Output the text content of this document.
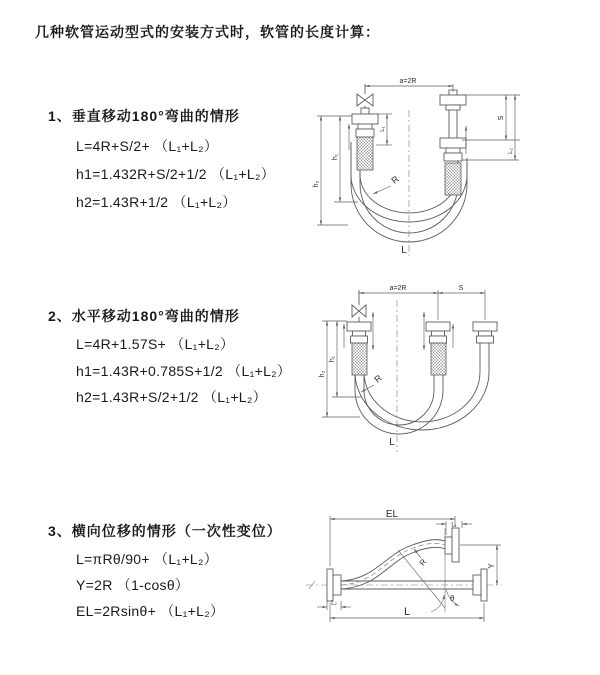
几种软管运动型式的安装方式时，软管的长度计算：
1、垂直移动180°弯曲的情形
L=4R+S/2+ （L₁+L₂）
h1=1.432R+S/2+1/2 （L₁+L₂）
h2=1.43R+1/2 （L₁+L₂）
2、水平移动180°弯曲的情形
L=4R+1.57S+ （L₁+L₂）
h1=1.43R+0.785S+1/2 （L₁+L₂）
h2=1.43R+S/2+1/2 （L₁+L₂）
3、横向位移的情形（一次性变位）
L=πRθ/90+ （L₁+L₂）
Y=2R （1-cosθ）
EL=2Rsinθ+ （L₁+L₂）
a=2R
S
L₂
L₁
h₂
h₁
R
L
a=2R	S
h₂
h₁
R
L
EL
L₁
Y
θ
R
L₂
L
